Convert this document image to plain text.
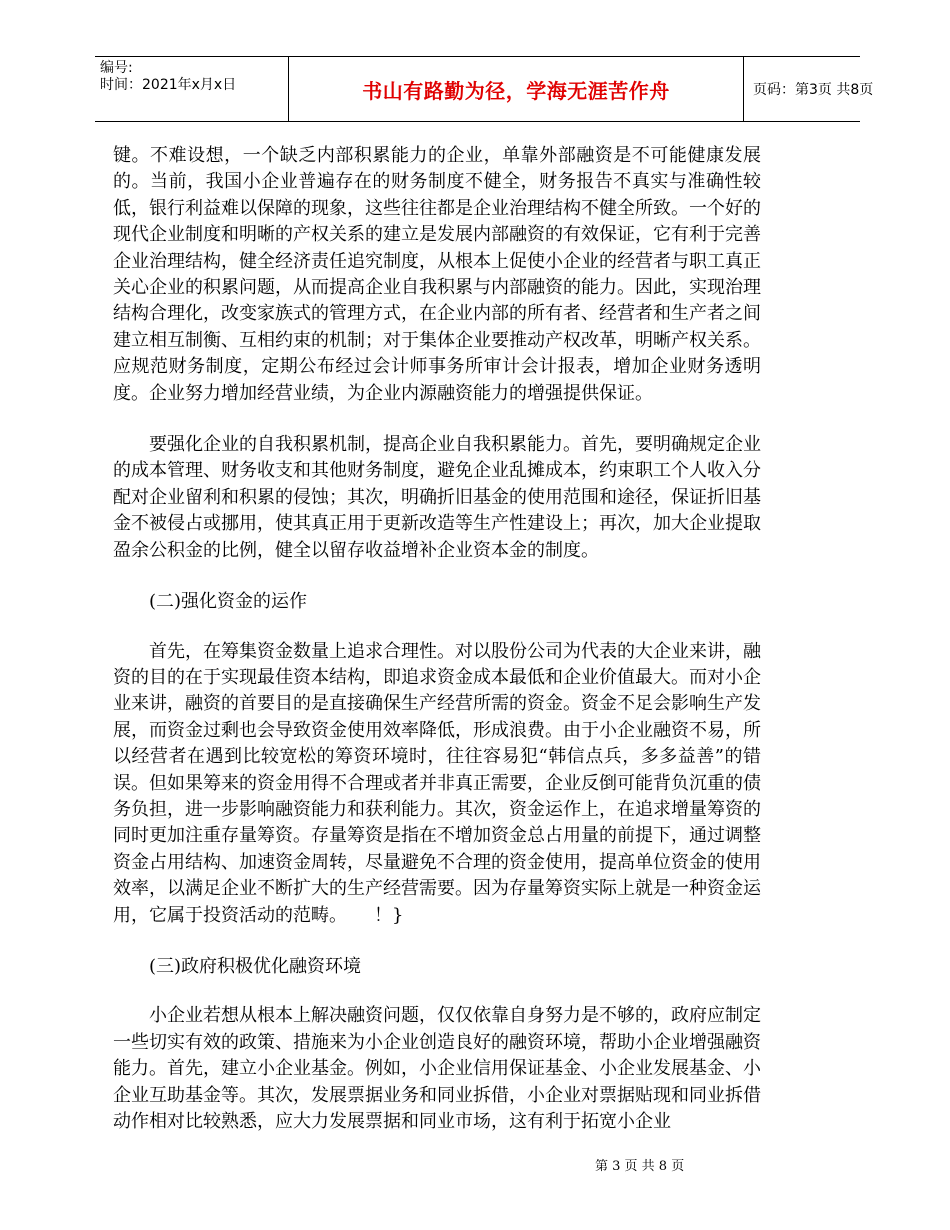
编号:
时间：2021年x月x日	书山有路勤为径，学海无涯苦作舟	页码：第3页 共8页

键。不难设想，一个缺乏内部积累能力的企业，单靠外部融资是不可能健康发展的。当前，我国小企业普遍存在的财务制度不健全，财务报告不真实与准确性较低，银行利益难以保障的现象，这些往往都是企业治理结构不健全所致。一个好的现代企业制度和明晰的产权关系的建立是发展内部融资的有效保证，它有利于完善企业治理结构，健全经济责任追究制度，从根本上促使小企业的经营者与职工真正关心企业的积累问题，从而提高企业自我积累与内部融资的能力。因此，实现治理结构合理化，改变家族式的管理方式，在企业内部的所有者、经营者和生产者之间建立相互制衡、互相约束的机制；对于集体企业要推动产权改革，明晰产权关系。应规范财务制度，定期公布经过会计师事务所审计会计报表，增加企业财务透明度。企业努力增加经营业绩，为企业内源融资能力的增强提供保证。

要强化企业的自我积累机制，提高企业自我积累能力。首先，要明确规定企业的成本管理、财务收支和其他财务制度，避免企业乱摊成本，约束职工个人收入分配对企业留利和积累的侵蚀；其次，明确折旧基金的使用范围和途径，保证折旧基金不被侵占或挪用，使其真正用于更新改造等生产性建设上；再次，加大企业提取盈余公积金的比例，健全以留存收益增补企业资本金的制度。

(二)强化资金的运作

首先，在筹集资金数量上追求合理性。对以股份公司为代表的大企业来讲，融资的目的在于实现最佳资本结构，即追求资金成本最低和企业价值最大。而对小企业来讲，融资的首要目的是直接确保生产经营所需的资金。资金不足会影响生产发展，而资金过剩也会导致资金使用效率降低，形成浪费。由于小企业融资不易，所以经营者在遇到比较宽松的筹资环境时，往往容易犯“韩信点兵，多多益善”的错误。但如果筹来的资金用得不合理或者并非真正需要，企业反倒可能背负沉重的债务负担，进一步影响融资能力和获利能力。其次，资金运作上，在追求增量筹资的同时更加注重存量筹资。存量筹资是指在不增加资金总占用量的前提下，通过调整资金占用结构、加速资金周转，尽量避免不合理的资金使用，提高单位资金的使用效率，以满足企业不断扩大的生产经营需要。因为存量筹资实际上就是一种资金运用，它属于投资活动的范畴。　　！}

(三)政府积极优化融资环境

小企业若想从根本上解决融资问题，仅仅依靠自身努力是不够的，政府应制定一些切实有效的政策、措施来为小企业创造良好的融资环境，帮助小企业增强融资能力。首先，建立小企业基金。例如，小企业信用保证基金、小企业发展基金、小企业互助基金等。其次，发展票据业务和同业拆借，小企业对票据贴现和同业拆借动作相对比较熟悉，应大力发展票据和同业市场，这有利于拓宽小企业

第 3 页 共 8 页
